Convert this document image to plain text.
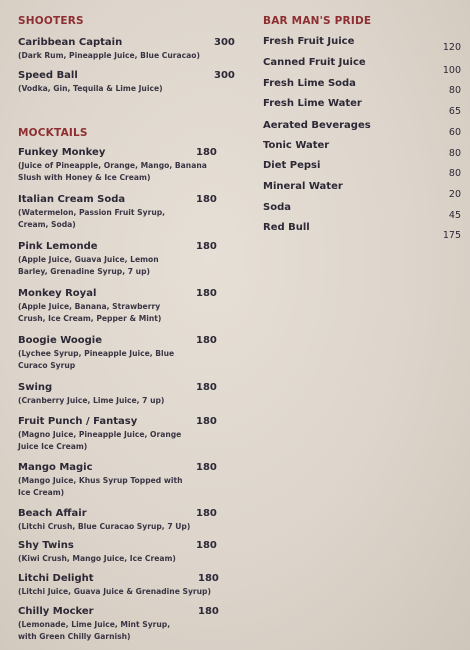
SHOOTERS
Caribbean Captain
(Dark Rum, Pineapple Juice, Blue Curacao)
300
Speed Ball
(Vodka, Gin, Tequila & Lime Juice)
300
MOCKTAILS
Funkey Monkey
(Juice of Pineapple, Orange, Mango, Banana Slush with Honey & Ice Cream)
180
Italian Cream Soda
(Watermelon, Passion Fruit Syrup, Cream, Soda)
180
Pink Lemonde
(Apple Juice, Guava Juice, Lemon Barley, Grenadine Syrup, 7 up)
180
Monkey Royal
(Apple Juice, Banana, Strawberry Crush, Ice Cream, Pepper & Mint)
180
Boogie Woogie
(Lychee Syrup, Pineapple Juice, Blue Curaco Syrup
180
Swing
(Cranberry Juice, Lime Juice, 7 up)
180
Fruit Punch / Fantasy
(Magno Juice, Pineapple Juice, Orange Juice Ice Cream)
180
Mango Magic
(Mango Juice, Khus Syrup Topped with Ice Cream)
180
Beach Affair
(Litchi Crush, Blue Curacao Syrup, 7 Up)
180
Shy Twins
(Kiwi Crush, Mango Juice, Ice Cream)
180
Litchi Delight
(Litchi Juice, Guava Juice & Grenadine Syrup)
180
Chilly Mocker
(Lemonade, Lime Juice, Mint Syrup, with Green Chilly Garnish)
180
BAR MAN'S PRIDE
Fresh Fruit Juice
120
Canned Fruit Juice
100
Fresh Lime Soda
80
Fresh Lime Water
65
Aerated Beverages
60
Tonic Water
80
Diet Pepsi
80
Mineral Water
20
Soda
45
Red Bull
175
